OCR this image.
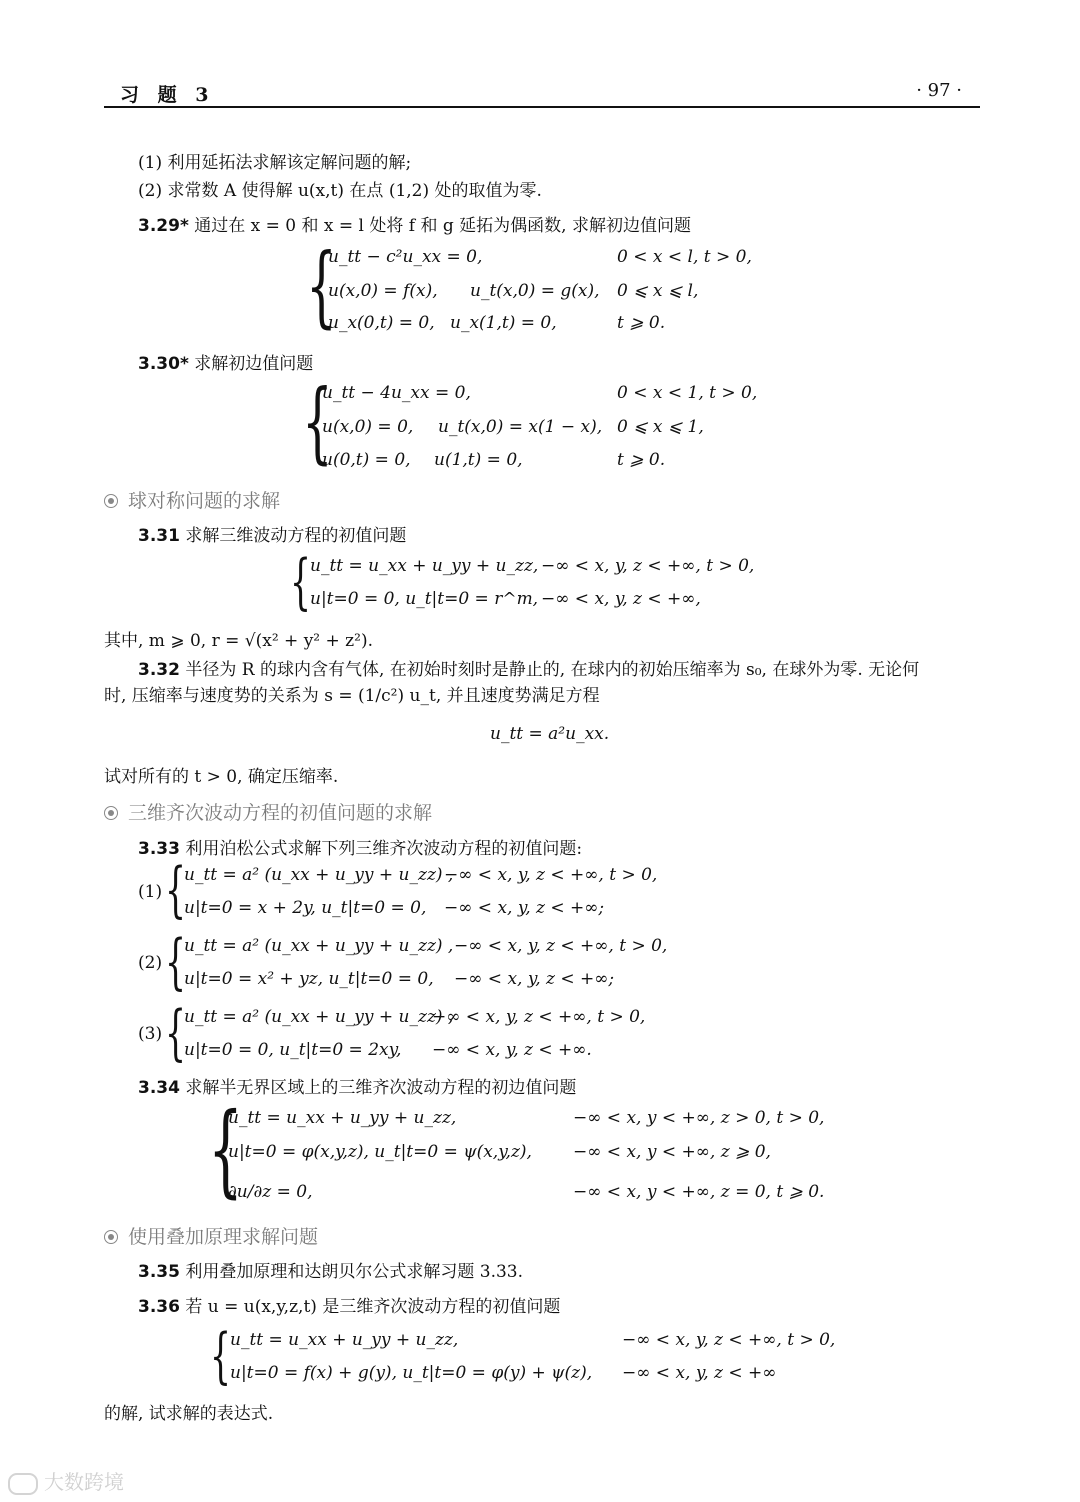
习 题 3	· 97 ·
(1) 利用延拓法求解该定解问题的解;
(2) 求常数 A 使得解 u(x,t) 在点 (1,2) 处的取值为零.
3.29* 通过在 x = 0 和 x = l 处将 f 和 g 延拓为偶函数, 求解初边值问题
{
u_tt − c²u_xx = 0,	0 < x < l, t > 0,
u(x,0) = f(x), u_t(x,0) = g(x), 0 ⩽ x ⩽ l,
u_x(0,t) = 0, u_x(1,t) = 0,	t ⩾ 0.
3.30* 求解初边值问题
{
u_tt − 4u_xx = 0,	0 < x < 1, t > 0,
u(x,0) = 0, u_t(x,0) = x(1 − x), 0 ⩽ x ⩽ 1,
u(0,t) = 0, u(1,t) = 0,	t ⩾ 0.
球对称问题的求解
3.31 求解三维波动方程的初值问题
{
u_tt = u_xx + u_yy + u_zz, −∞ < x, y, z < +∞, t > 0,
u|t=0 = 0, u_t|t=0 = r^m, −∞ < x, y, z < +∞,
其中, m ⩾ 0, r = √(x² + y² + z²).
3.32 半径为 R 的球内含有气体, 在初始时刻时是静止的, 在球内的初始压缩率为 s₀, 在球外为零. 无论何
时, 压缩率与速度势的关系为 s = (1/c²) u_t, 并且速度势满足方程
u_tt = a²u_xx.
试对所有的 t > 0, 确定压缩率.
三维齐次波动方程的初值问题的求解
3.33 利用泊松公式求解下列三维齐次波动方程的初值问题:
(1) {
u_tt = a² (u_xx + u_yy + u_zz) ,
−∞ < x, y, z < +∞, t > 0,
u|t=0 = x + 2y, u_t|t=0 = 0, −∞ < x, y, z < +∞;
(2) {
u_tt = a² (u_xx + u_yy + u_zz) , −∞ < x, y, z < +∞, t > 0,
u|t=0 = x² + yz, u_t|t=0 = 0, −∞ < x, y, z < +∞;
(3) {
u_tt = a² (u_xx + u_yy + u_zz) ,
−∞ < x, y, z < +∞, t > 0,
u|t=0 = 0, u_t|t=0 = 2xy, −∞ < x, y, z < +∞.
3.34 求解半无界区域上的三维齐次波动方程的初边值问题
{
u_tt = u_xx + u_yy + u_zz,	−∞ < x, y < +∞, z > 0, t > 0,
u|t=0 = φ(x,y,z), u_t|t=0 = ψ(x,y,z), −∞ < x, y < +∞, z ⩾ 0,
∂u/∂z = 0,	−∞ < x, y < +∞, z = 0, t ⩾ 0.
使用叠加原理求解问题
3.35 利用叠加原理和达朗贝尔公式求解习题 3.33.
3.36 若 u = u(x,y,z,t) 是三维齐次波动方程的初值问题
{
u_tt = u_xx + u_yy + u_zz,	−∞ < x, y, z < +∞, t > 0,
u|t=0 = f(x) + g(y), u_t|t=0 = φ(y) + ψ(z), −∞ < x, y, z < +∞
的解, 试求解的表达式.
大数跨境
